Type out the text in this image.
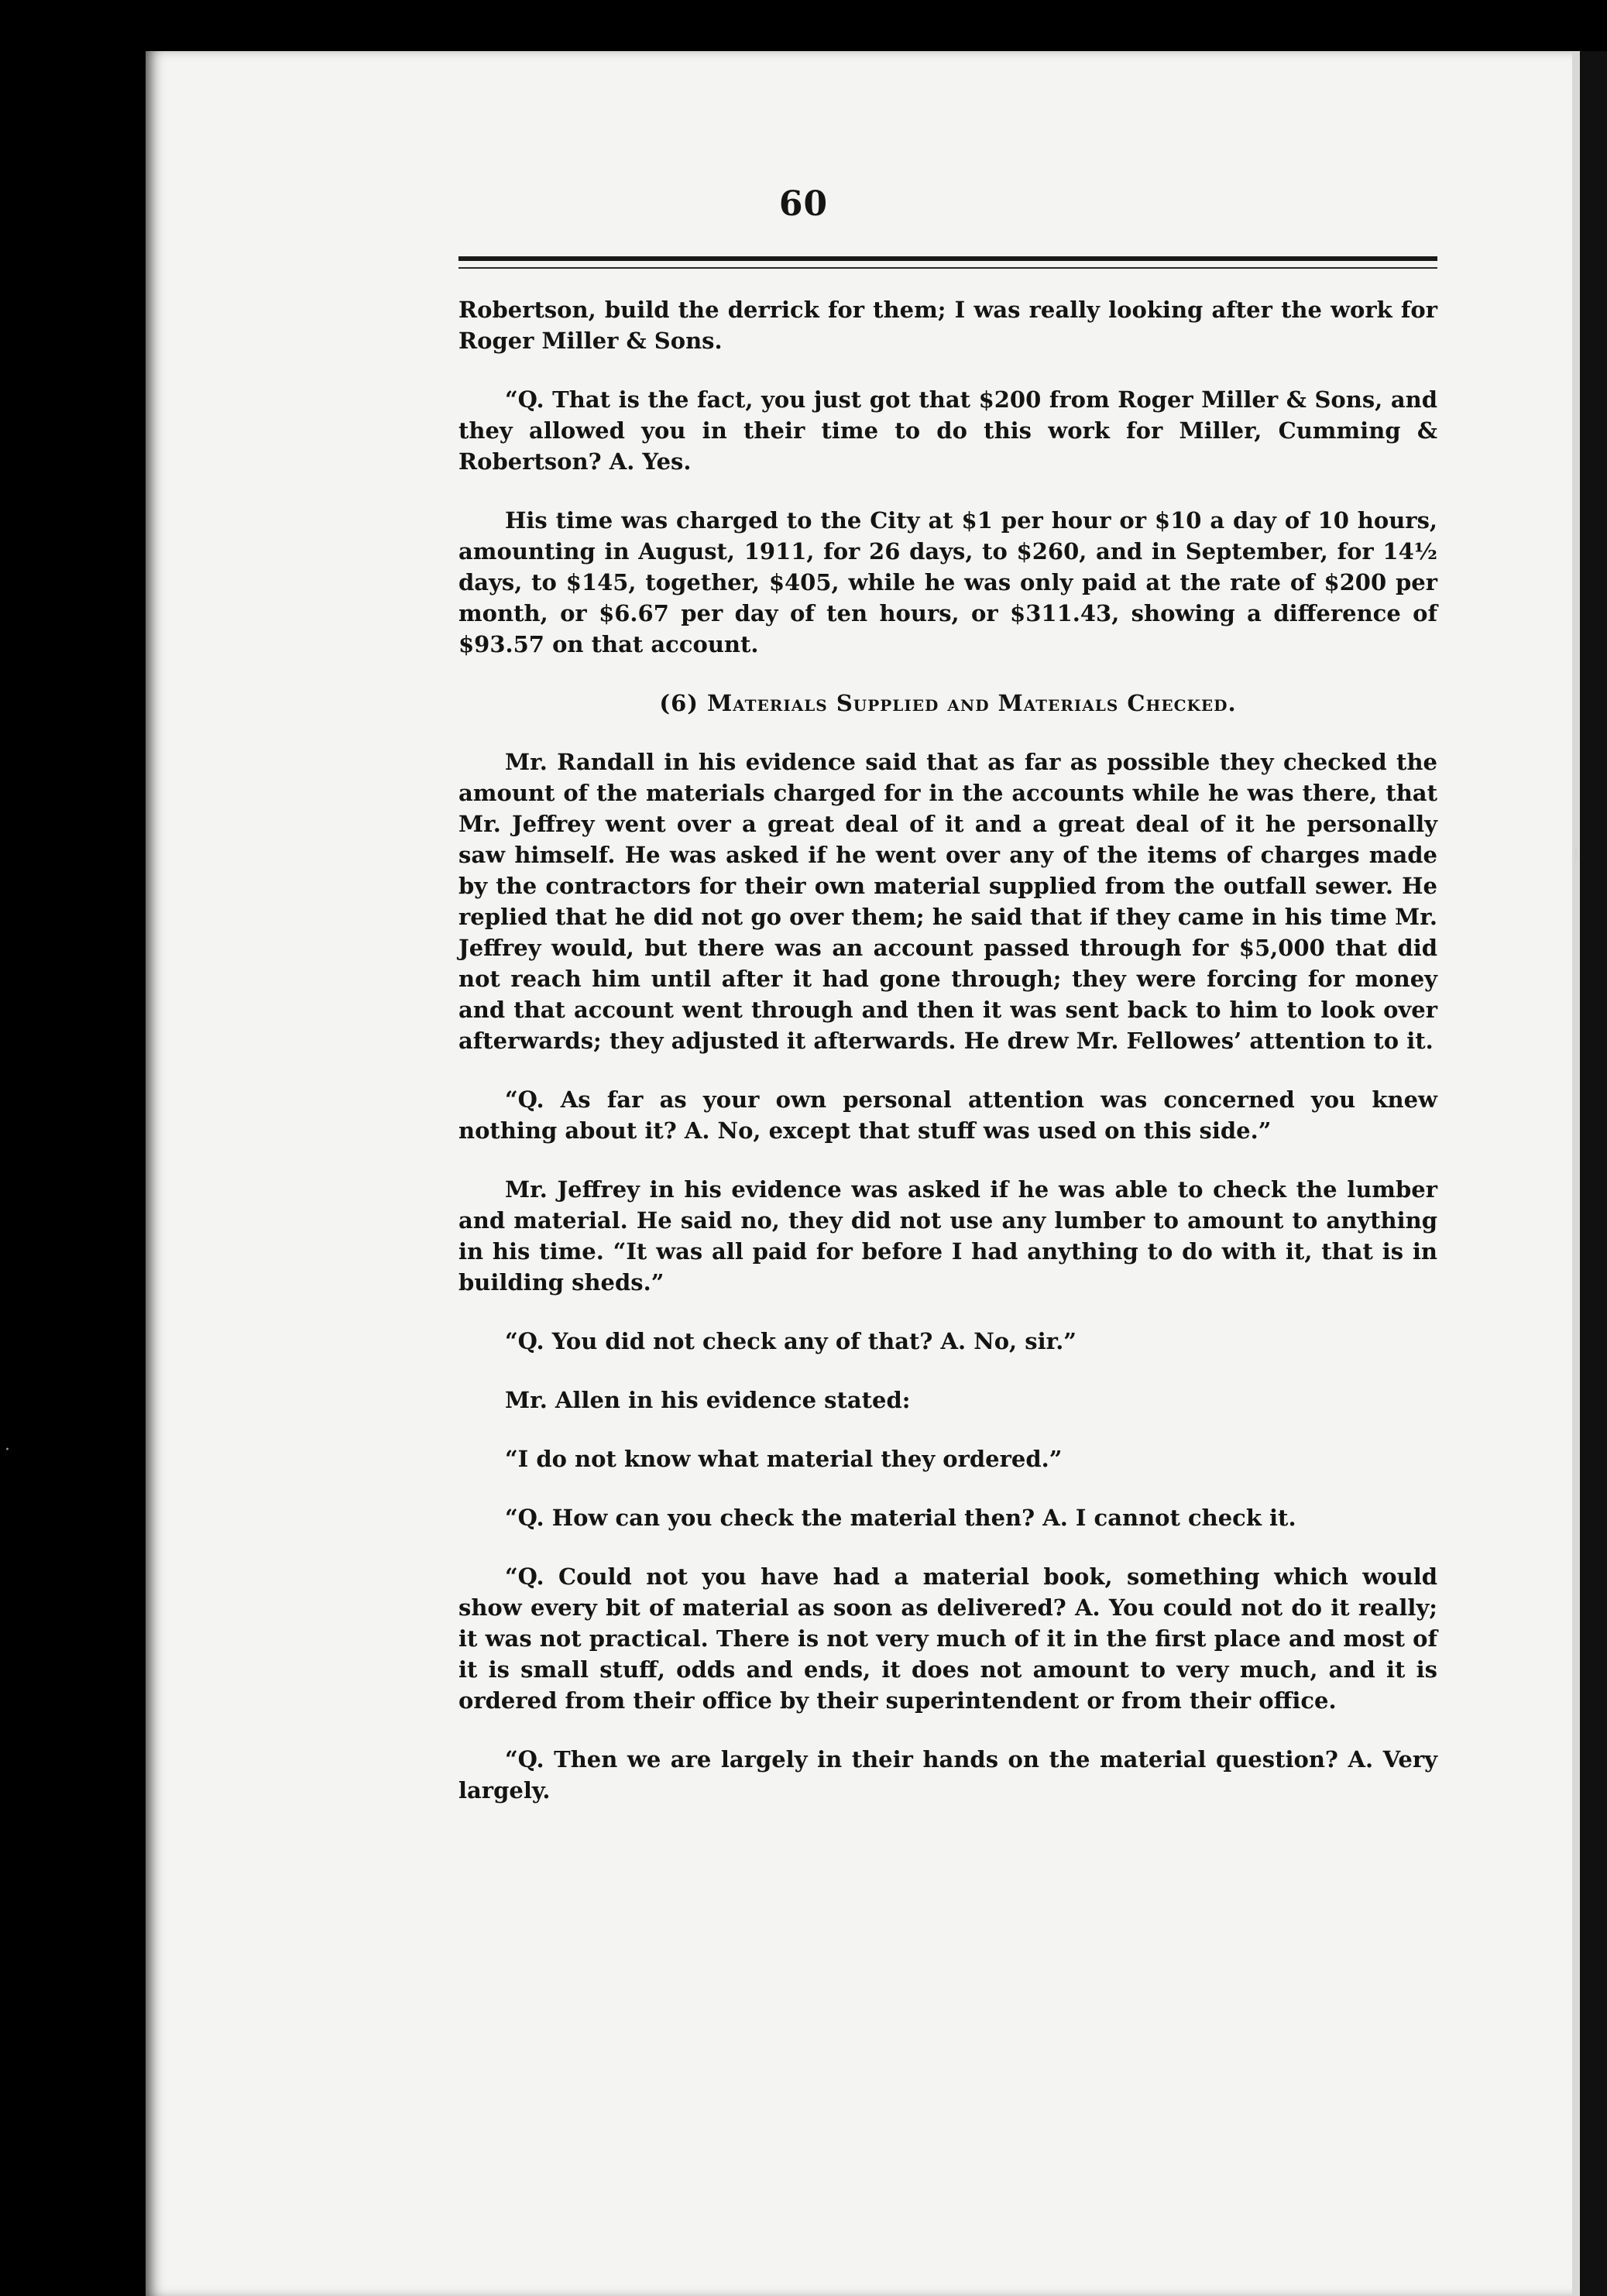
⁞
·
60

Robertson, build the derrick for them; I was really looking after the work for Roger Miller & Sons.

“Q. That is the fact, you just got that $200 from Roger Miller & Sons, and they allowed you in their time to do this work for Miller, Cumming & Robertson? A. Yes.

His time was charged to the City at $1 per hour or $10 a day of 10 hours, amounting in August, 1911, for 26 days, to $260, and in September, for 14½ days, to $145, together, $405, while he was only paid at the rate of $200 per month, or $6.67 per day of ten hours, or $311.43, showing a difference of $93.57 on that account.

(6) Materials Supplied and Materials Checked.

Mr. Randall in his evidence said that as far as possible they checked the amount of the materials charged for in the accounts while he was there, that Mr. Jeffrey went over a great deal of it and a great deal of it he personally saw himself. He was asked if he went over any of the items of charges made by the contractors for their own material supplied from the outfall sewer. He replied that he did not go over them; he said that if they came in his time Mr. Jeffrey would, but there was an account passed through for $5,000 that did not reach him until after it had gone through; they were forcing for money and that account went through and then it was sent back to him to look over afterwards; they adjusted it afterwards. He drew Mr. Fellowes’ attention to it.

“Q. As far as your own personal attention was concerned you knew nothing about it? A. No, except that stuff was used on this side.”

Mr. Jeffrey in his evidence was asked if he was able to check the lumber and material. He said no, they did not use any lumber to amount to anything in his time. “It was all paid for before I had anything to do with it, that is in building sheds.”

“Q. You did not check any of that? A. No, sir.”

Mr. Allen in his evidence stated:

“I do not know what material they ordered.”

“Q. How can you check the material then? A. I cannot check it.

“Q. Could not you have had a material book, something which would show every bit of material as soon as delivered? A. You could not do it really; it was not practical. There is not very much of it in the first place and most of it is small stuff, odds and ends, it does not amount to very much, and it is ordered from their office by their superintendent or from their office.

“Q. Then we are largely in their hands on the material question? A. Very largely.
